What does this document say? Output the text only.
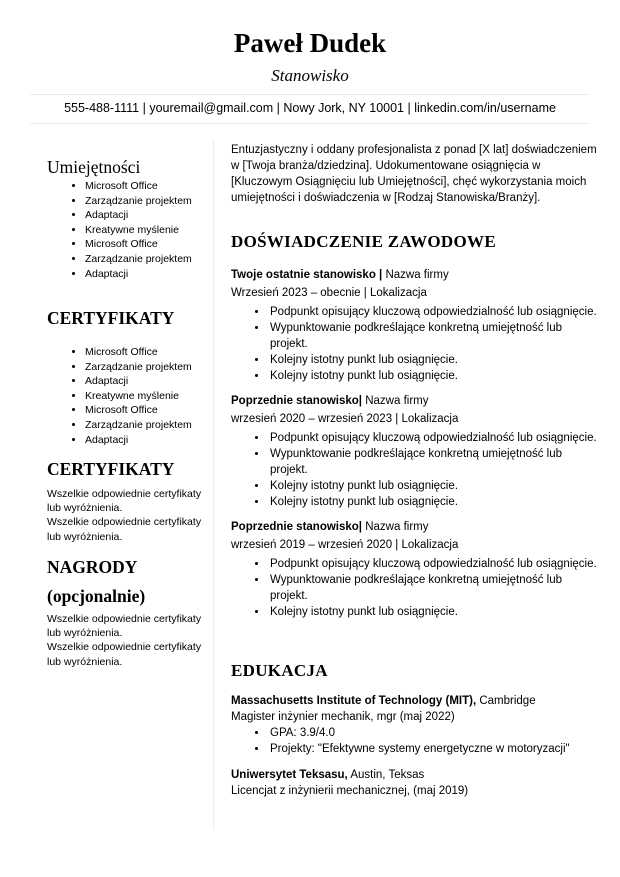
Paweł Dudek
Stanowisko
555-488-1111 | youremail@gmail.com | Nowy Jork, NY 10001 | linkedin.com/in/username
Umiejętności
• Microsoft Office
• Zarządzanie projektem
• Adaptacji
• Kreatywne myślenie
• Microsoft Office
• Zarządzanie projektem
• Adaptacji
CERTYFIKATY
• Microsoft Office
• Zarządzanie projektem
• Adaptacji
• Kreatywne myślenie
• Microsoft Office
• Zarządzanie projektem
• Adaptacji
CERTYFIKATY
Wszelkie odpowiednie certyfikaty
lub wyróżnienia.
Wszelkie odpowiednie certyfikaty
lub wyróżnienia.
NAGRODY
(opcjonalnie)
Wszelkie odpowiednie certyfikaty
lub wyróżnienia.
Wszelkie odpowiednie certyfikaty
lub wyróżnienia.
Entuzjastyczny i oddany profesjonalista z ponad [X lat] doświadczeniem w [Twoja branża/dziedzina]. Udokumentowane osiągnięcia w [Kluczowym Osiągnięciu lub Umiejętności], chęć wykorzystania moich umiejętności i doświadczenia w [Rodzaj Stanowiska/Branży].
DOŚWIADCZENIE ZAWODOWE
Twoje ostatnie stanowisko | Nazwa firmy
Wrzesień 2023 – obecnie | Lokalizacja
• Podpunkt opisujący kluczową odpowiedzialność lub osiągnięcie.
• Wypunktowanie podkreślające konkretną umiejętność lub projekt.
• Kolejny istotny punkt lub osiągnięcie.
• Kolejny istotny punkt lub osiągnięcie.
Poprzednie stanowisko| Nazwa firmy
wrzesień 2020 – wrzesień 2023 | Lokalizacja
• Podpunkt opisujący kluczową odpowiedzialność lub osiągnięcie.
• Wypunktowanie podkreślające konkretną umiejętność lub projekt.
• Kolejny istotny punkt lub osiągnięcie.
• Kolejny istotny punkt lub osiągnięcie.
Poprzednie stanowisko| Nazwa firmy
wrzesień 2019 – wrzesień 2020 | Lokalizacja
• Podpunkt opisujący kluczową odpowiedzialność lub osiągnięcie.
• Wypunktowanie podkreślające konkretną umiejętność lub projekt.
• Kolejny istotny punkt lub osiągnięcie.
EDUKACJA
Massachusetts Institute of Technology (MIT), Cambridge
Magister inżynier mechanik, mgr (maj 2022)
• GPA: 3.9/4.0
• Projekty: "Efektywne systemy energetyczne w motoryzacji"
Uniwersytet Teksasu, Austin, Teksas
Licencjat z inżynierii mechanicznej, (maj 2019)
